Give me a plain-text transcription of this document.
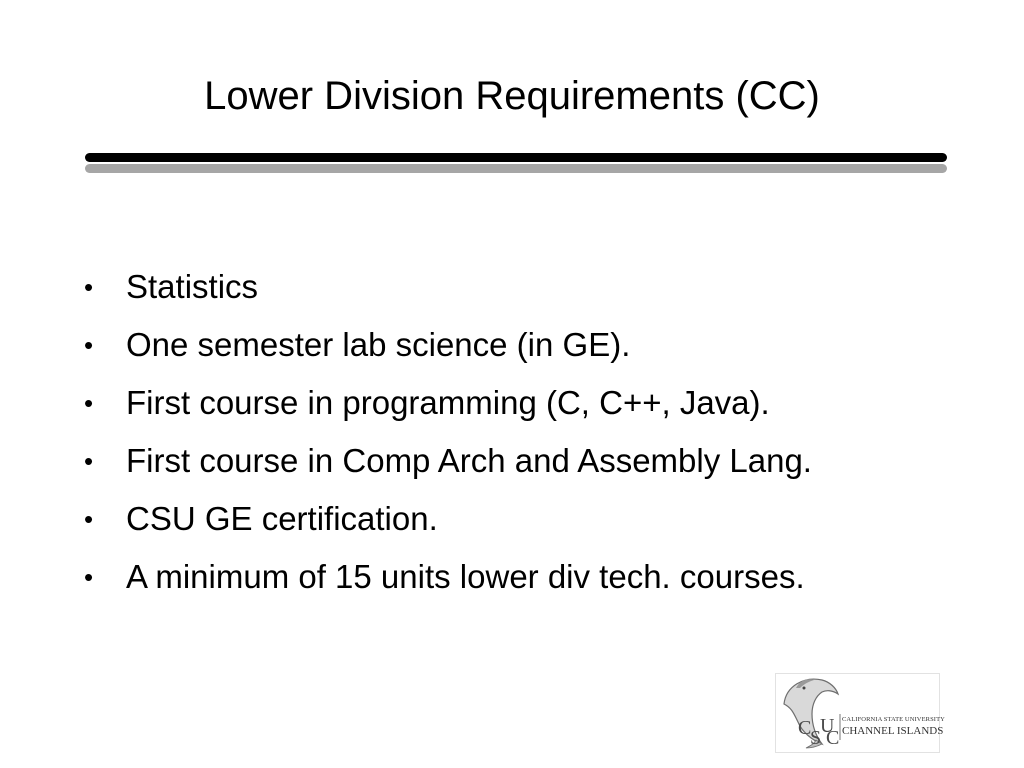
Lower Division Requirements (CC)
• Statistics
• One semester lab science (in GE).
• First course in programming (C, C++, Java).
• First course in Comp Arch and Assembly Lang.
• CSU GE certification.
• A minimum of 15 units lower div tech. courses.
C
S
U
C
CALIFORNIA STATE UNIVERSITY
CHANNEL ISLANDS
